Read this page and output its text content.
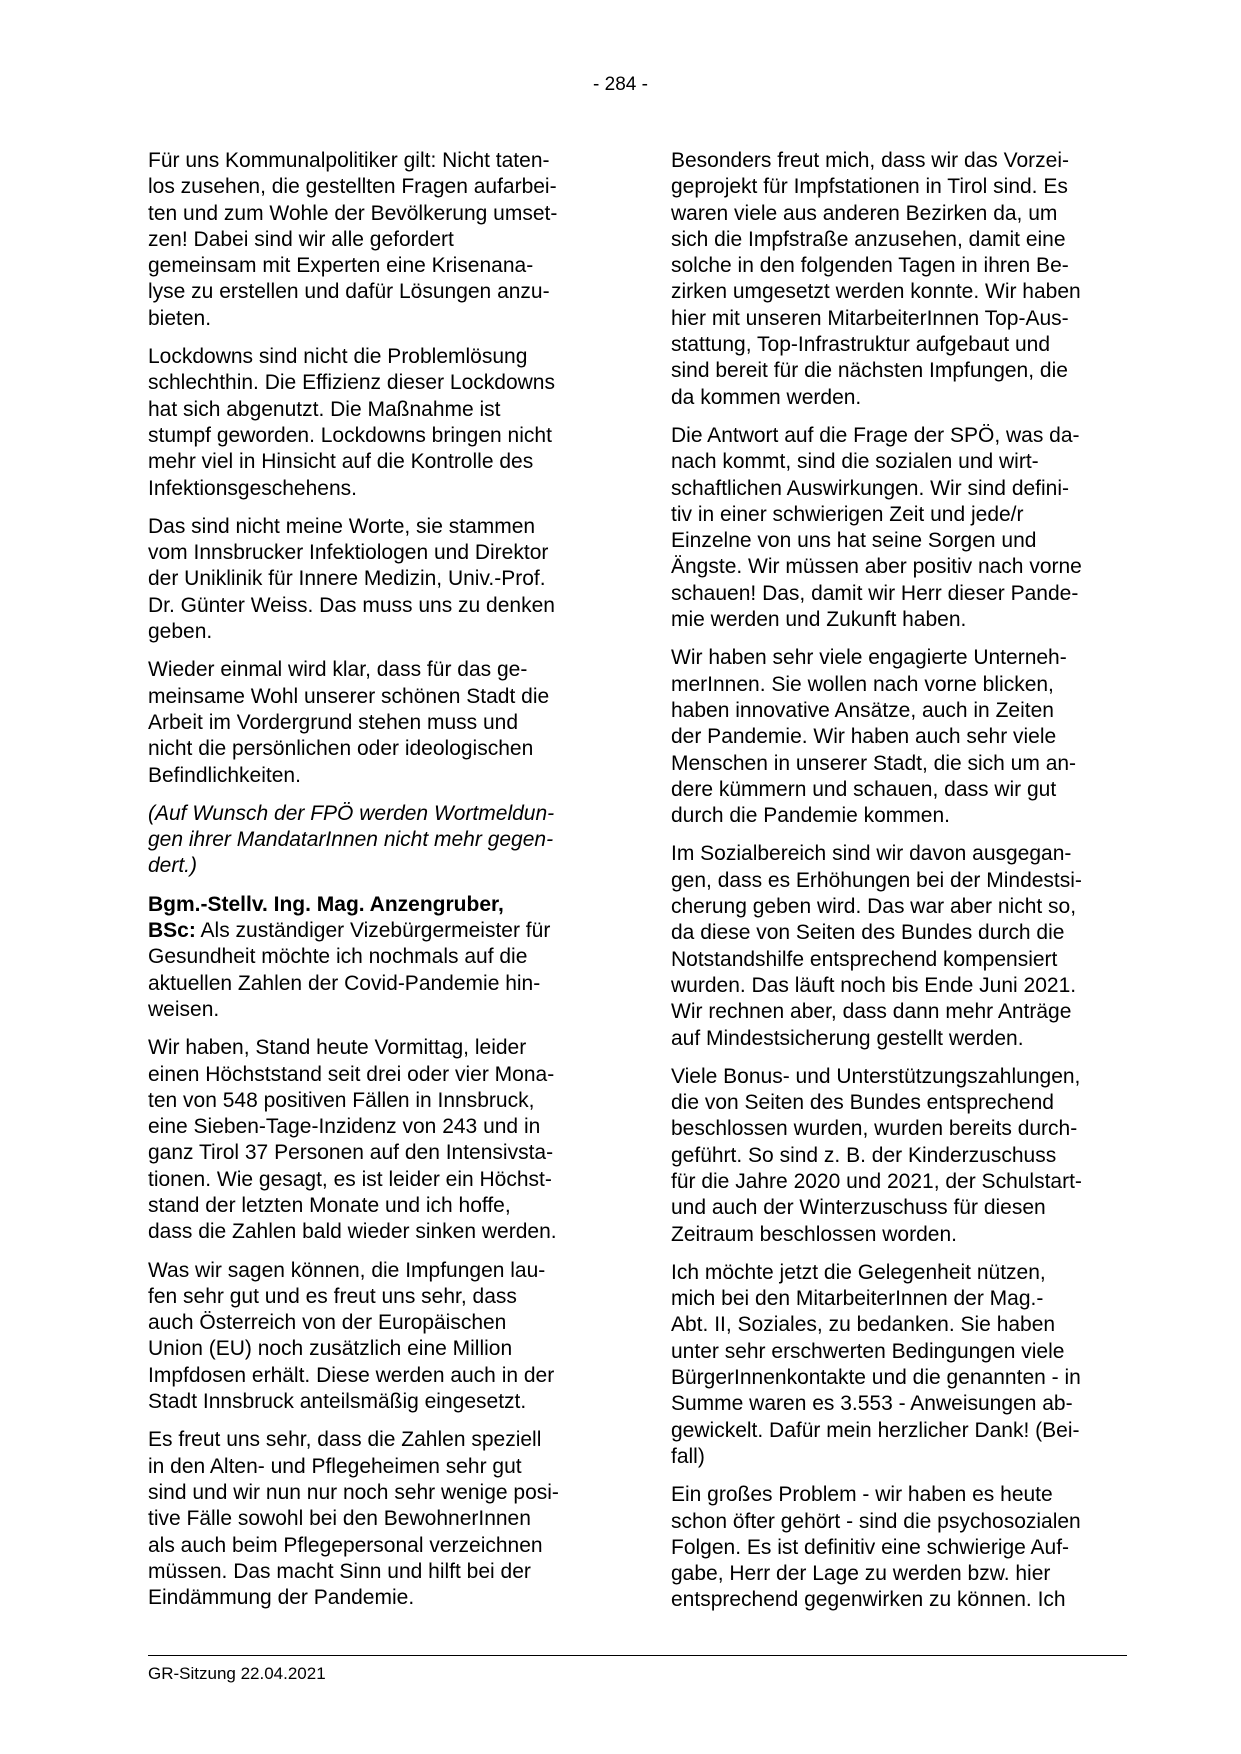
- 284 -

Für uns Kommunalpolitiker gilt: Nicht taten-
los zusehen, die gestellten Fragen aufarbei-
ten und zum Wohle der Bevölkerung umset-
zen! Dabei sind wir alle gefordert
gemeinsam mit Experten eine Krisenana-
lyse zu erstellen und dafür Lösungen anzu-
bieten.

Lockdowns sind nicht die Problemlösung
schlechthin. Die Effizienz dieser Lockdowns
hat sich abgenutzt. Die Maßnahme ist
stumpf geworden. Lockdowns bringen nicht
mehr viel in Hinsicht auf die Kontrolle des
Infektionsgeschehens.

Das sind nicht meine Worte, sie stammen
vom Innsbrucker Infektiologen und Direktor
der Uniklinik für Innere Medizin, Univ.-Prof.
Dr. Günter Weiss. Das muss uns zu denken
geben.

Wieder einmal wird klar, dass für das ge-
meinsame Wohl unserer schönen Stadt die
Arbeit im Vordergrund stehen muss und
nicht die persönlichen oder ideologischen
Befindlichkeiten.

(Auf Wunsch der FPÖ werden Wortmeldun-
gen ihrer MandatarInnen nicht mehr gegen-
dert.)

Bgm.-Stellv. Ing. Mag. Anzengruber,
BSc: Als zuständiger Vizebürgermeister für
Gesundheit möchte ich nochmals auf die
aktuellen Zahlen der Covid-Pandemie hin-
weisen.

Wir haben, Stand heute Vormittag, leider
einen Höchststand seit drei oder vier Mona-
ten von 548 positiven Fällen in Innsbruck,
eine Sieben-Tage-Inzidenz von 243 und in
ganz Tirol 37 Personen auf den Intensivsta-
tionen. Wie gesagt, es ist leider ein Höchst-
stand der letzten Monate und ich hoffe,
dass die Zahlen bald wieder sinken werden.

Was wir sagen können, die Impfungen lau-
fen sehr gut und es freut uns sehr, dass
auch Österreich von der Europäischen
Union (EU) noch zusätzlich eine Million
Impfdosen erhält. Diese werden auch in der
Stadt Innsbruck anteilsmäßig eingesetzt.

Es freut uns sehr, dass die Zahlen speziell
in den Alten- und Pflegeheimen sehr gut
sind und wir nun nur noch sehr wenige posi-
tive Fälle sowohl bei den BewohnerInnen
als auch beim Pflegepersonal verzeichnen
müssen. Das macht Sinn und hilft bei der
Eindämmung der Pandemie.

Besonders freut mich, dass wir das Vorzei-
geprojekt für Impfstationen in Tirol sind. Es
waren viele aus anderen Bezirken da, um
sich die Impfstraße anzusehen, damit eine
solche in den folgenden Tagen in ihren Be-
zirken umgesetzt werden konnte. Wir haben
hier mit unseren MitarbeiterInnen Top-Aus-
stattung, Top-Infrastruktur aufgebaut und
sind bereit für die nächsten Impfungen, die
da kommen werden.

Die Antwort auf die Frage der SPÖ, was da-
nach kommt, sind die sozialen und wirt-
schaftlichen Auswirkungen. Wir sind defini-
tiv in einer schwierigen Zeit und jede/r
Einzelne von uns hat seine Sorgen und
Ängste. Wir müssen aber positiv nach vorne
schauen! Das, damit wir Herr dieser Pande-
mie werden und Zukunft haben.

Wir haben sehr viele engagierte Unterneh-
merInnen. Sie wollen nach vorne blicken,
haben innovative Ansätze, auch in Zeiten
der Pandemie. Wir haben auch sehr viele
Menschen in unserer Stadt, die sich um an-
dere kümmern und schauen, dass wir gut
durch die Pandemie kommen.

Im Sozialbereich sind wir davon ausgegan-
gen, dass es Erhöhungen bei der Mindestsi-
cherung geben wird. Das war aber nicht so,
da diese von Seiten des Bundes durch die
Notstandshilfe entsprechend kompensiert
wurden. Das läuft noch bis Ende Juni 2021.
Wir rechnen aber, dass dann mehr Anträge
auf Mindestsicherung gestellt werden.

Viele Bonus- und Unterstützungszahlungen,
die von Seiten des Bundes entsprechend
beschlossen wurden, wurden bereits durch-
geführt. So sind z. B. der Kinderzuschuss
für die Jahre 2020 und 2021, der Schulstart-
und auch der Winterzuschuss für diesen
Zeitraum beschlossen worden.

Ich möchte jetzt die Gelegenheit nützen,
mich bei den MitarbeiterInnen der Mag.-
Abt. II, Soziales, zu bedanken. Sie haben
unter sehr erschwerten Bedingungen viele
BürgerInnenkontakte und die genannten - in
Summe waren es 3.553 - Anweisungen ab-
gewickelt. Dafür mein herzlicher Dank! (Bei-
fall)

Ein großes Problem - wir haben es heute
schon öfter gehört - sind die psychosozialen
Folgen. Es ist definitiv eine schwierige Auf-
gabe, Herr der Lage zu werden bzw. hier
entsprechend gegenwirken zu können. Ich

GR-Sitzung 22.04.2021
